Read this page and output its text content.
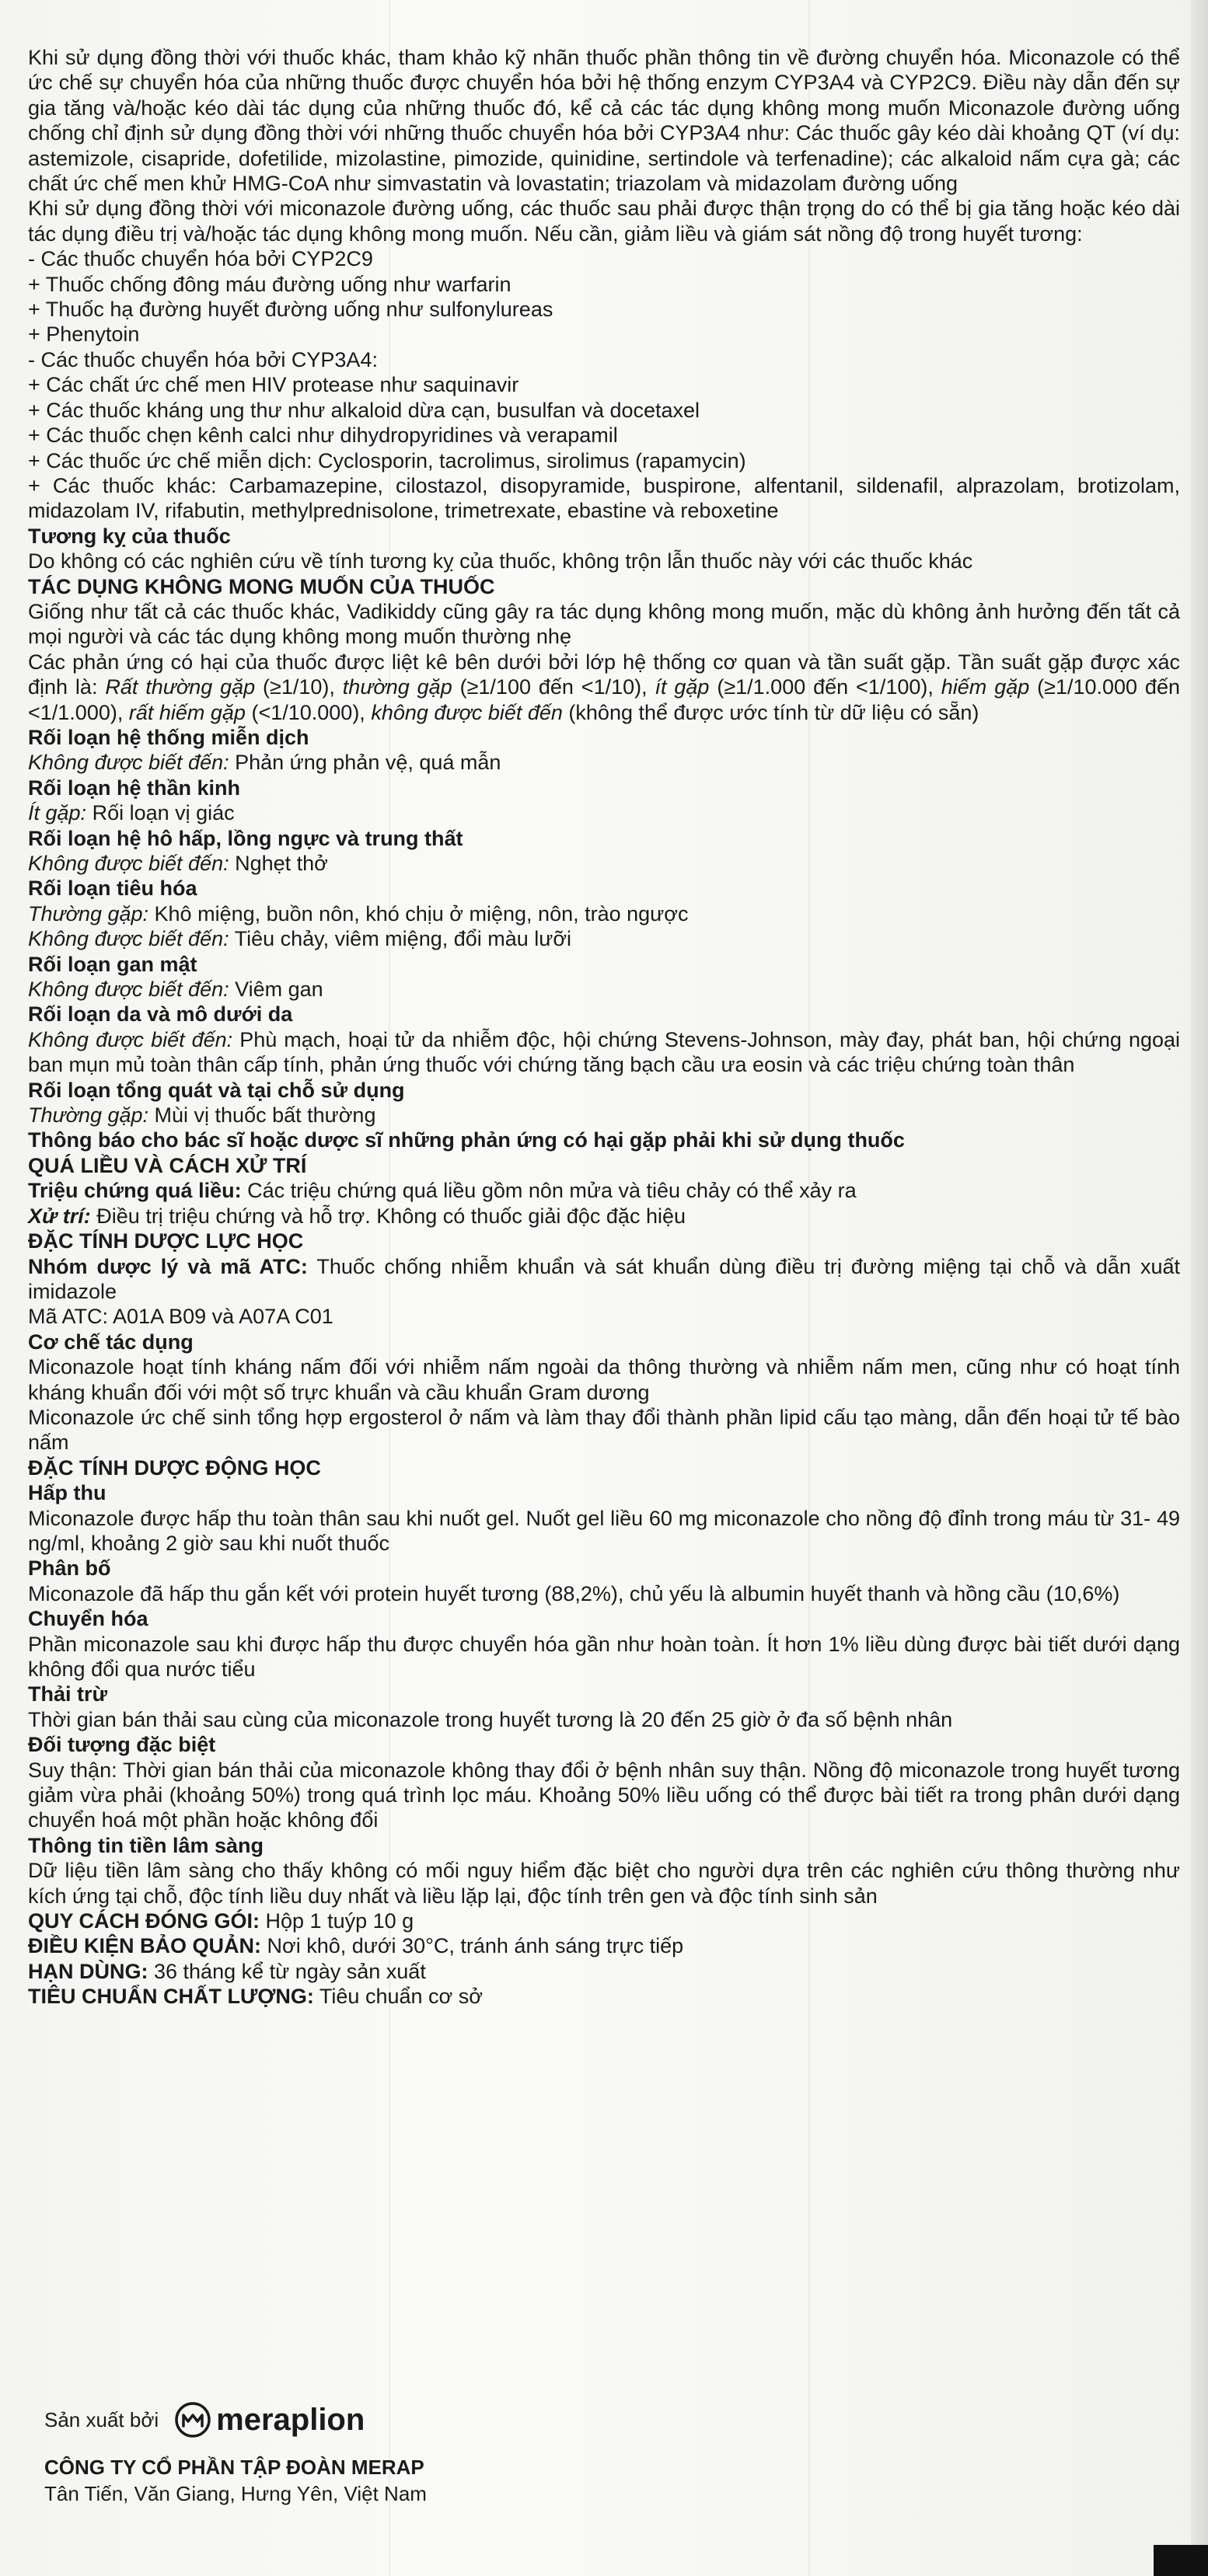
Khi sử dụng đồng thời với thuốc khác, tham khảo kỹ nhãn thuốc phần thông tin về đường chuyển hóa. Miconazole có thể ức chế sự chuyển hóa của những thuốc được chuyển hóa bởi hệ thống enzym CYP3A4 và CYP2C9. Điều này dẫn đến sự gia tăng và/hoặc kéo dài tác dụng của những thuốc đó, kể cả các tác dụng không mong muốn Miconazole đường uống chống chỉ định sử dụng đồng thời với những thuốc chuyển hóa bởi CYP3A4 như: Các thuốc gây kéo dài khoảng QT (ví dụ: astemizole, cisapride, dofetilide, mizolastine, pimozide, quinidine, sertindole và terfenadine); các alkaloid nấm cựa gà; các chất ức chế men khử HMG-CoA như simvastatin và lovastatin; triazolam và midazolam đường uống

Khi sử dụng đồng thời với miconazole đường uống, các thuốc sau phải được thận trọng do có thể bị gia tăng hoặc kéo dài tác dụng điều trị và/hoặc tác dụng không mong muốn. Nếu cần, giảm liều và giám sát nồng độ trong huyết tương:

- Các thuốc chuyển hóa bởi CYP2C9

+ Thuốc chống đông máu đường uống như warfarin

+ Thuốc hạ đường huyết đường uống như sulfonylureas

+ Phenytoin

- Các thuốc chuyển hóa bởi CYP3A4:

+ Các chất ức chế men HIV protease như saquinavir

+ Các thuốc kháng ung thư như alkaloid dừa cạn, busulfan và docetaxel

+ Các thuốc chẹn kênh calci như dihydropyridines và verapamil

+ Các thuốc ức chế miễn dịch: Cyclosporin, tacrolimus, sirolimus (rapamycin)

+ Các thuốc khác: Carbamazepine, cilostazol, disopyramide, buspirone, alfentanil, sildenafil, alprazolam, brotizolam, midazolam IV, rifabutin, methylprednisolone, trimetrexate, ebastine và reboxetine

Tương kỵ của thuốc

Do không có các nghiên cứu về tính tương kỵ của thuốc, không trộn lẫn thuốc này với các thuốc khác

TÁC DỤNG KHÔNG MONG MUỐN CỦA THUỐC

Giống như tất cả các thuốc khác, Vadikiddy cũng gây ra tác dụng không mong muốn, mặc dù không ảnh hưởng đến tất cả mọi người và các tác dụng không mong muốn thường nhẹ

Các phản ứng có hại của thuốc được liệt kê bên dưới bởi lớp hệ thống cơ quan và tần suất gặp. Tần suất gặp được xác định là: Rất thường gặp (≥1/10), thường gặp (≥1/100 đến <1/10), ít gặp (≥1/1.000 đến <1/100), hiếm gặp (≥1/10.000 đến <1/1.000), rất hiếm gặp (<1/10.000), không được biết đến (không thể được ước tính từ dữ liệu có sẵn)

Rối loạn hệ thống miễn dịch

Không được biết đến: Phản ứng phản vệ, quá mẫn

Rối loạn hệ thần kinh

Ít gặp: Rối loạn vị giác

Rối loạn hệ hô hấp, lồng ngực và trung thất

Không được biết đến: Nghẹt thở

Rối loạn tiêu hóa

Thường gặp: Khô miệng, buồn nôn, khó chịu ở miệng, nôn, trào ngược

Không được biết đến: Tiêu chảy, viêm miệng, đổi màu lưỡi

Rối loạn gan mật

Không được biết đến: Viêm gan

Rối loạn da và mô dưới da

Không được biết đến: Phù mạch, hoại tử da nhiễm độc, hội chứng Stevens-Johnson, mày đay, phát ban, hội chứng ngoại ban mụn mủ toàn thân cấp tính, phản ứng thuốc với chứng tăng bạch cầu ưa eosin và các triệu chứng toàn thân

Rối loạn tổng quát và tại chỗ sử dụng

Thường gặp: Mùi vị thuốc bất thường

Thông báo cho bác sĩ hoặc dược sĩ những phản ứng có hại gặp phải khi sử dụng thuốc

QUÁ LIỀU VÀ CÁCH XỬ TRÍ

Triệu chứng quá liều: Các triệu chứng quá liều gồm nôn mửa và tiêu chảy có thể xảy ra

Xử trí: Điều trị triệu chứng và hỗ trợ. Không có thuốc giải độc đặc hiệu

ĐẶC TÍNH DƯỢC LỰC HỌC

Nhóm dược lý và mã ATC: Thuốc chống nhiễm khuẩn và sát khuẩn dùng điều trị đường miệng tại chỗ và dẫn xuất imidazole

Mã ATC: A01A B09 và A07A C01

Cơ chế tác dụng

Miconazole hoạt tính kháng nấm đối với nhiễm nấm ngoài da thông thường và nhiễm nấm men, cũng như có hoạt tính kháng khuẩn đối với một số trực khuẩn và cầu khuẩn Gram dương

Miconazole ức chế sinh tổng hợp ergosterol ở nấm và làm thay đổi thành phần lipid cấu tạo màng, dẫn đến hoại tử tế bào nấm

ĐẶC TÍNH DƯỢC ĐỘNG HỌC

Hấp thu

Miconazole được hấp thu toàn thân sau khi nuốt gel. Nuốt gel liều 60 mg miconazole cho nồng độ đỉnh trong máu từ 31- 49 ng/ml, khoảng 2 giờ sau khi nuốt thuốc

Phân bố

Miconazole đã hấp thu gắn kết với protein huyết tương (88,2%), chủ yếu là albumin huyết thanh và hồng cầu (10,6%)

Chuyển hóa

Phần miconazole sau khi được hấp thu được chuyển hóa gần như hoàn toàn. Ít hơn 1% liều dùng được bài tiết dưới dạng không đổi qua nước tiểu

Thải trừ

Thời gian bán thải sau cùng của miconazole trong huyết tương là 20 đến 25 giờ ở đa số bệnh nhân

Đối tượng đặc biệt

Suy thận: Thời gian bán thải của miconazole không thay đổi ở bệnh nhân suy thận. Nồng độ miconazole trong huyết tương giảm vừa phải (khoảng 50%) trong quá trình lọc máu. Khoảng 50% liều uống có thể được bài tiết ra trong phân dưới dạng chuyển hoá một phần hoặc không đổi

Thông tin tiền lâm sàng

Dữ liệu tiền lâm sàng cho thấy không có mối nguy hiểm đặc biệt cho người dựa trên các nghiên cứu thông thường như kích ứng tại chỗ, độc tính liều duy nhất và liều lặp lại, độc tính trên gen và độc tính sinh sản

QUY CÁCH ĐÓNG GÓI: Hộp 1 tuýp 10 g

ĐIỀU KIỆN BẢO QUẢN: Nơi khô, dưới 30°C, tránh ánh sáng trực tiếp

HẠN DÙNG: 36 tháng kể từ ngày sản xuất

TIÊU CHUẨN CHẤT LƯỢNG: Tiêu chuẩn cơ sở

Sản xuất bởi meraplion
CÔNG TY CỔ PHẦN TẬP ĐOÀN MERAP
Tân Tiến, Văn Giang, Hưng Yên, Việt Nam
